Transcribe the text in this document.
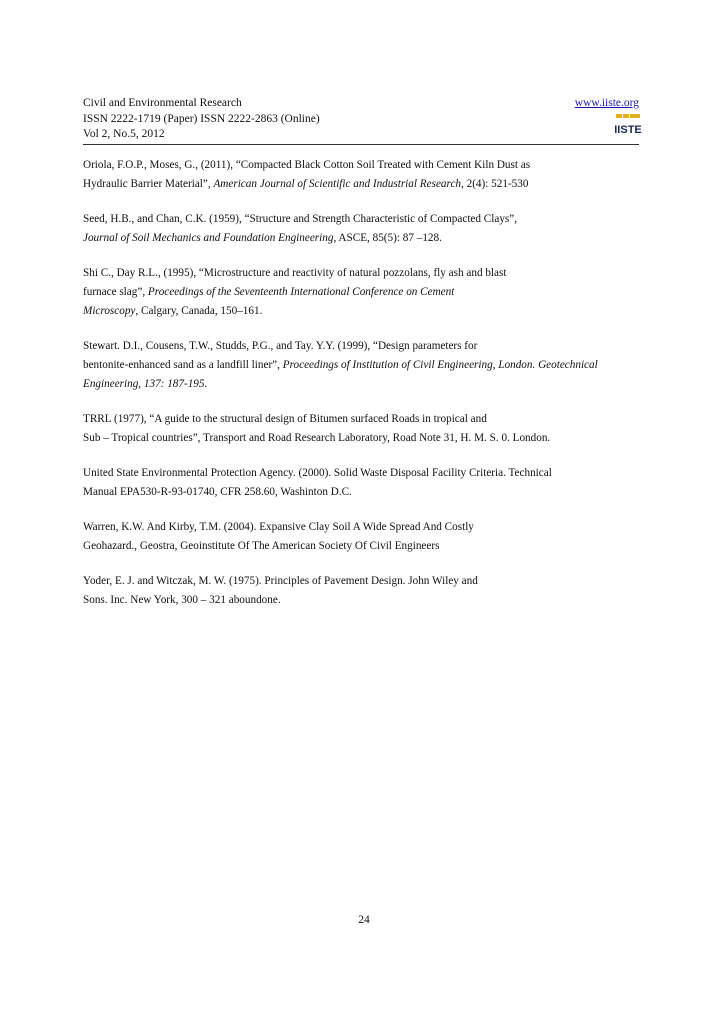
Civil and Environmental Research	www.iiste.org
ISSN 2222-1719 (Paper) ISSN 2222-2863 (Online)
Vol 2, No.5, 2012	IISTE
Oriola, F.O.P., Moses, G., (2011), “Compacted Black Cotton Soil Treated with Cement Kiln Dust as
Hydraulic Barrier Material”, American Journal of Scientific and Industrial Research, 2(4): 521-530
Seed, H.B., and Chan, C.K. (1959), “Structure and Strength Characteristic of Compacted Clays”,
Journal of Soil Mechanics and Foundation Engineering, ASCE, 85(5): 87 –128.
Shi C., Day R.L., (1995), “Microstructure and reactivity of natural pozzolans, fly ash and blast
furnace slag”, Proceedings of the Seventeenth International Conference on Cement
Microscopy, Calgary, Canada, 150–161.
Stewart. D.I., Cousens, T.W., Studds, P.G., and Tay. Y.Y. (1999), “Design parameters for
bentonite-enhanced sand as a landfill liner”, Proceedings of Institution of Civil Engineering, London. Geotechnical
Engineering, 137: 187-195.
TRRL (1977), “A guide to the structural design of Bitumen surfaced Roads in tropical and
Sub – Tropical countries”, Transport and Road Research Laboratory, Road Note 31, H. M. S. 0. London.
United State Environmental Protection Agency. (2000). Solid Waste Disposal Facility Criteria. Technical
Manual EPA530-R-93-01740, CFR 258.60, Washinton D.C.
Warren, K.W. And Kirby, T.M. (2004). Expansive Clay Soil A Wide Spread And Costly
Geohazard., Geostra, Geoinstitute Of The American Society Of Civil Engineers
Yoder, E. J. and Witczak, M. W. (1975). Principles of Pavement Design. John Wiley and
Sons. Inc. New York, 300 – 321 aboundone.
24
